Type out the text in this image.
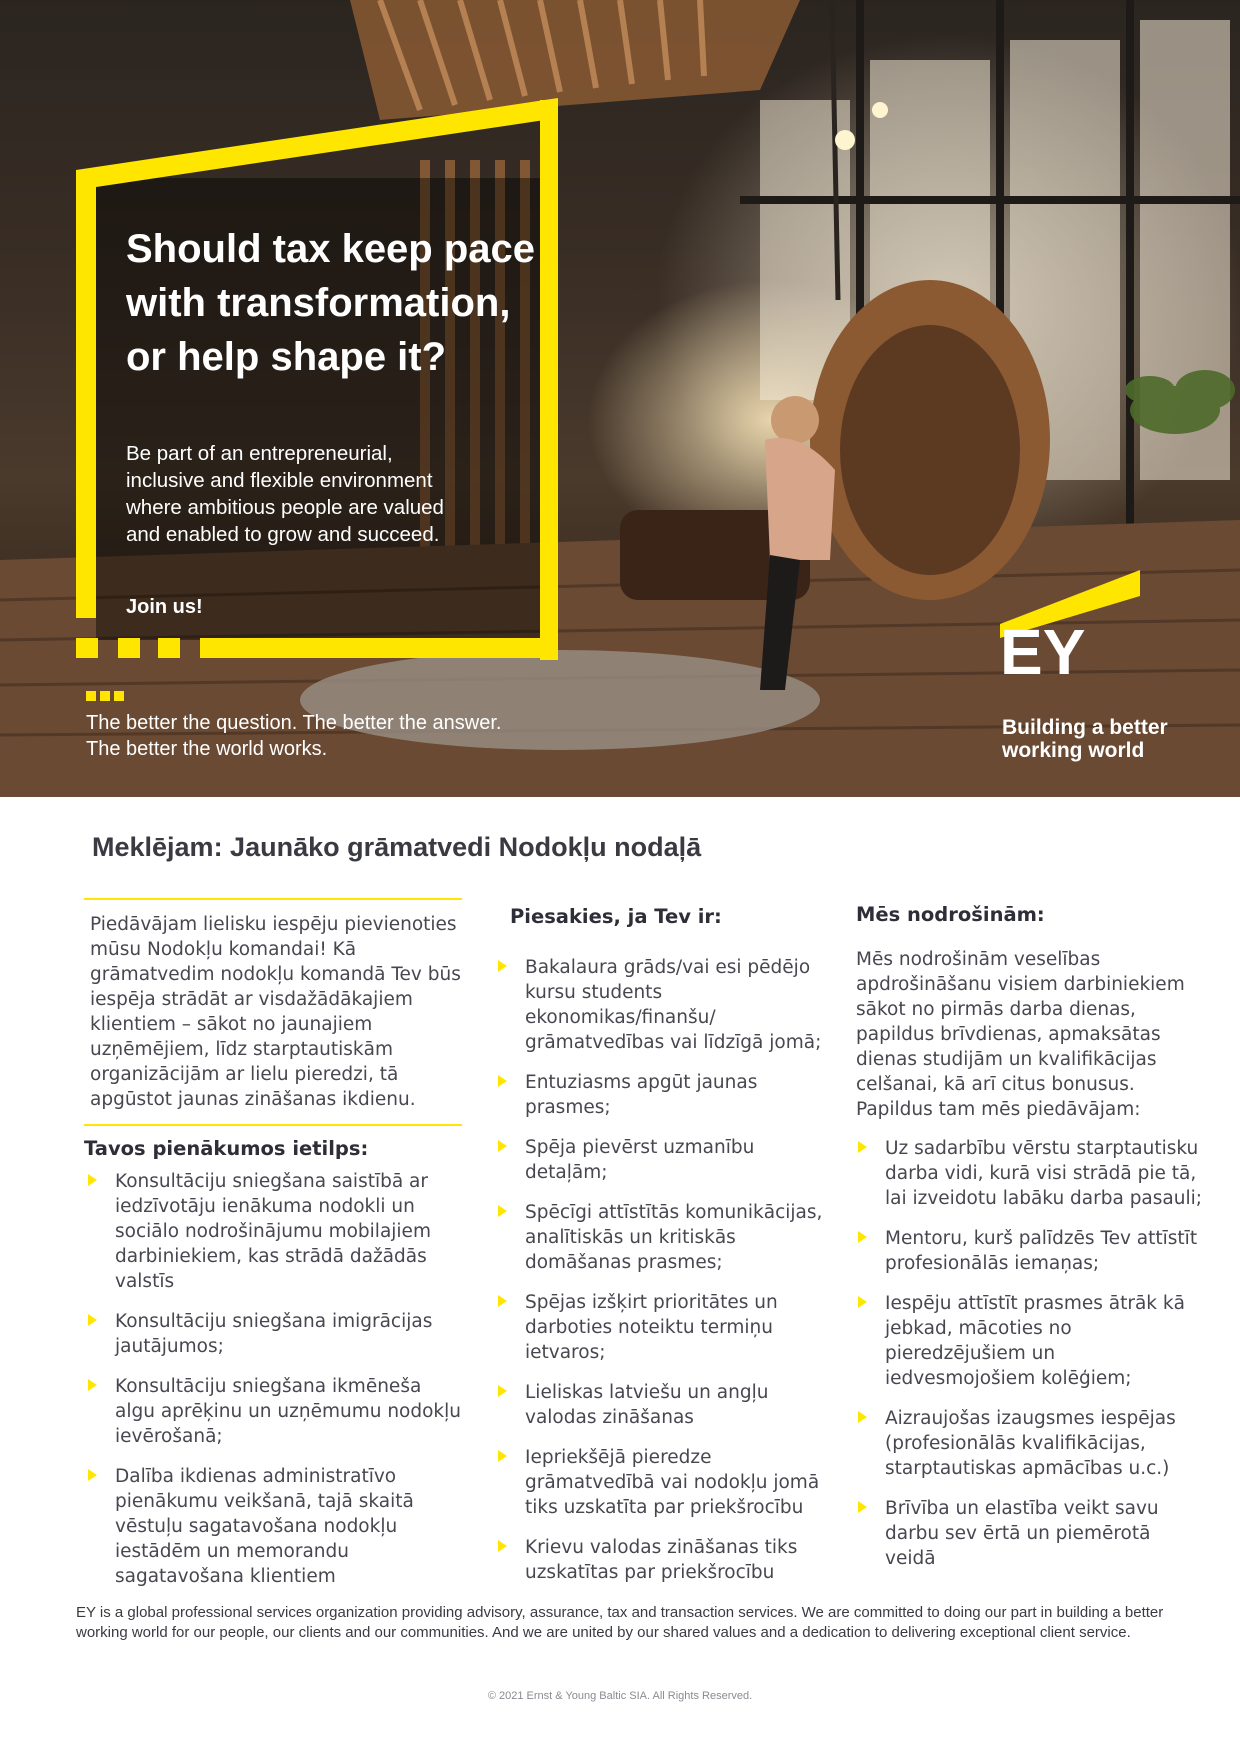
Should tax keep pace
with transformation,
or help shape it?

Be part of an entrepreneurial,
inclusive and flexible environment
where ambitious people are valued
and enabled to grow and succeed.

Join us!

The better the question. The better the answer.
The better the world works.

EY

Building a better
working world

Meklējam: Jaunāko grāmatvedi Nodokļu nodaļā

Piedāvājam lielisku iespēju pievienoties mūsu Nodokļu komandai! Kā grāmatvedim nodokļu komandā Tev būs iespēja strādāt ar visdažādākajiem klientiem – sākot no jaunajiem uzņēmējiem, līdz starptautiskām organizācijām ar lielu pieredzi, tā apgūstot jaunas zināšanas ikdienu.

Tavos pienākumos ietilps:

Konsultāciju sniegšana saistībā ar iedzīvotāju ienākuma nodokli un sociālo nodrošinājumu mobilajiem darbiniekiem, kas strādā dažādās valstīs
Konsultāciju sniegšana imigrācijas jautājumos;
Konsultāciju sniegšana ikmēneša algu aprēķinu un uzņēmumu nodokļu ievērošanā;
Dalība ikdienas administratīvo pienākumu veikšanā, tajā skaitā vēstuļu sagatavošana nodokļu iestādēm un memorandu sagatavošana klientiem

Piesakies, ja Tev ir:

Bakalaura grāds/vai esi pēdējo kursu students ekonomikas/finanšu/ grāmatvedības vai līdzīgā jomā;
Entuziasms apgūt jaunas prasmes;
Spēja pievērst uzmanību detaļām;
Spēcīgi attīstītās komunikācijas, analītiskās un kritiskās domāšanas prasmes;
Spējas izšķirt prioritātes un darboties noteiktu termiņu ietvaros;
Lieliskas latviešu un angļu valodas zināšanas
Iepriekšējā pieredze grāmatvedībā vai nodokļu jomā tiks uzskatīta par priekšrocību
Krievu valodas zināšanas tiks uzskatītas par priekšrocību

Mēs nodrošinām:

Mēs nodrošinām veselības apdrošināšanu visiem darbiniekiem sākot no pirmās darba dienas, papildus brīvdienas, apmaksātas dienas studijām un kvalifikācijas celšanai, kā arī citus bonusus. Papildus tam mēs piedāvājam:

Uz sadarbību vērstu starptautisku darba vidi, kurā visi strādā pie tā, lai izveidotu labāku darba pasauli;
Mentoru, kurš palīdzēs Tev attīstīt profesionālās iemaņas;
Iespēju attīstīt prasmes ātrāk kā jebkad, mācoties no pieredzējušiem un iedvesmojošiem kolēģiem;
Aizraujošas izaugsmes iespējas (profesionālās kvalifikācijas, starptautiskas apmācības u.c.)
Brīvība un elastība veikt savu darbu sev ērtā un piemērotā veidā

EY is a global professional services organization providing advisory, assurance, tax and transaction services. We are committed to doing our part in building a better working world for our people, our clients and our communities. And we are united by our shared values and a dedication to delivering exceptional client service.

© 2021 Ernst & Young Baltic SIA. All Rights Reserved.
